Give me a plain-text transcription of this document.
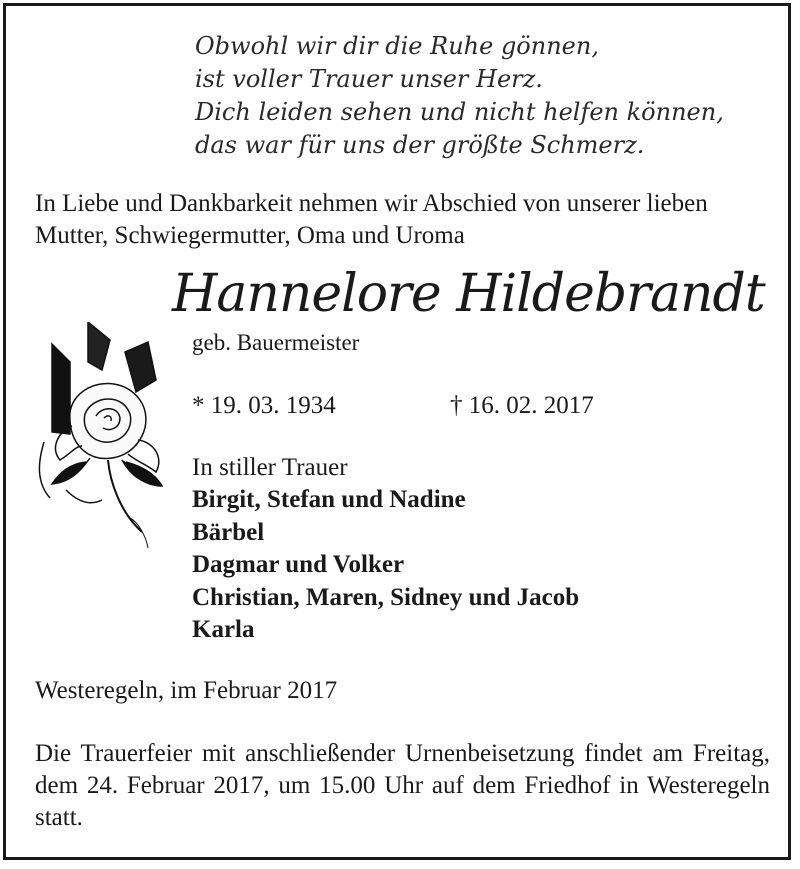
Obwohl wir dir die Ruhe gönnen,
ist voller Trauer unser Herz.
Dich leiden sehen und nicht helfen können,
das war für uns der größte Schmerz.
In Liebe und Dankbarkeit nehmen wir Abschied von unserer lieben Mutter, Schwiegermutter, Oma und Uroma
Hannelore Hildebrandt
geb. Bauermeister
* 19. 03. 1934	† 16. 02. 2017
In stiller Trauer
Birgit, Stefan und Nadine
Bärbel
Dagmar und Volker
Christian, Maren, Sidney und Jacob
Karla
Westeregeln, im Februar 2017
Die Trauerfeier mit anschließender Urnenbeisetzung findet am Freitag, dem 24. Februar 2017, um 15.00 Uhr auf dem Friedhof in Westeregeln statt.
